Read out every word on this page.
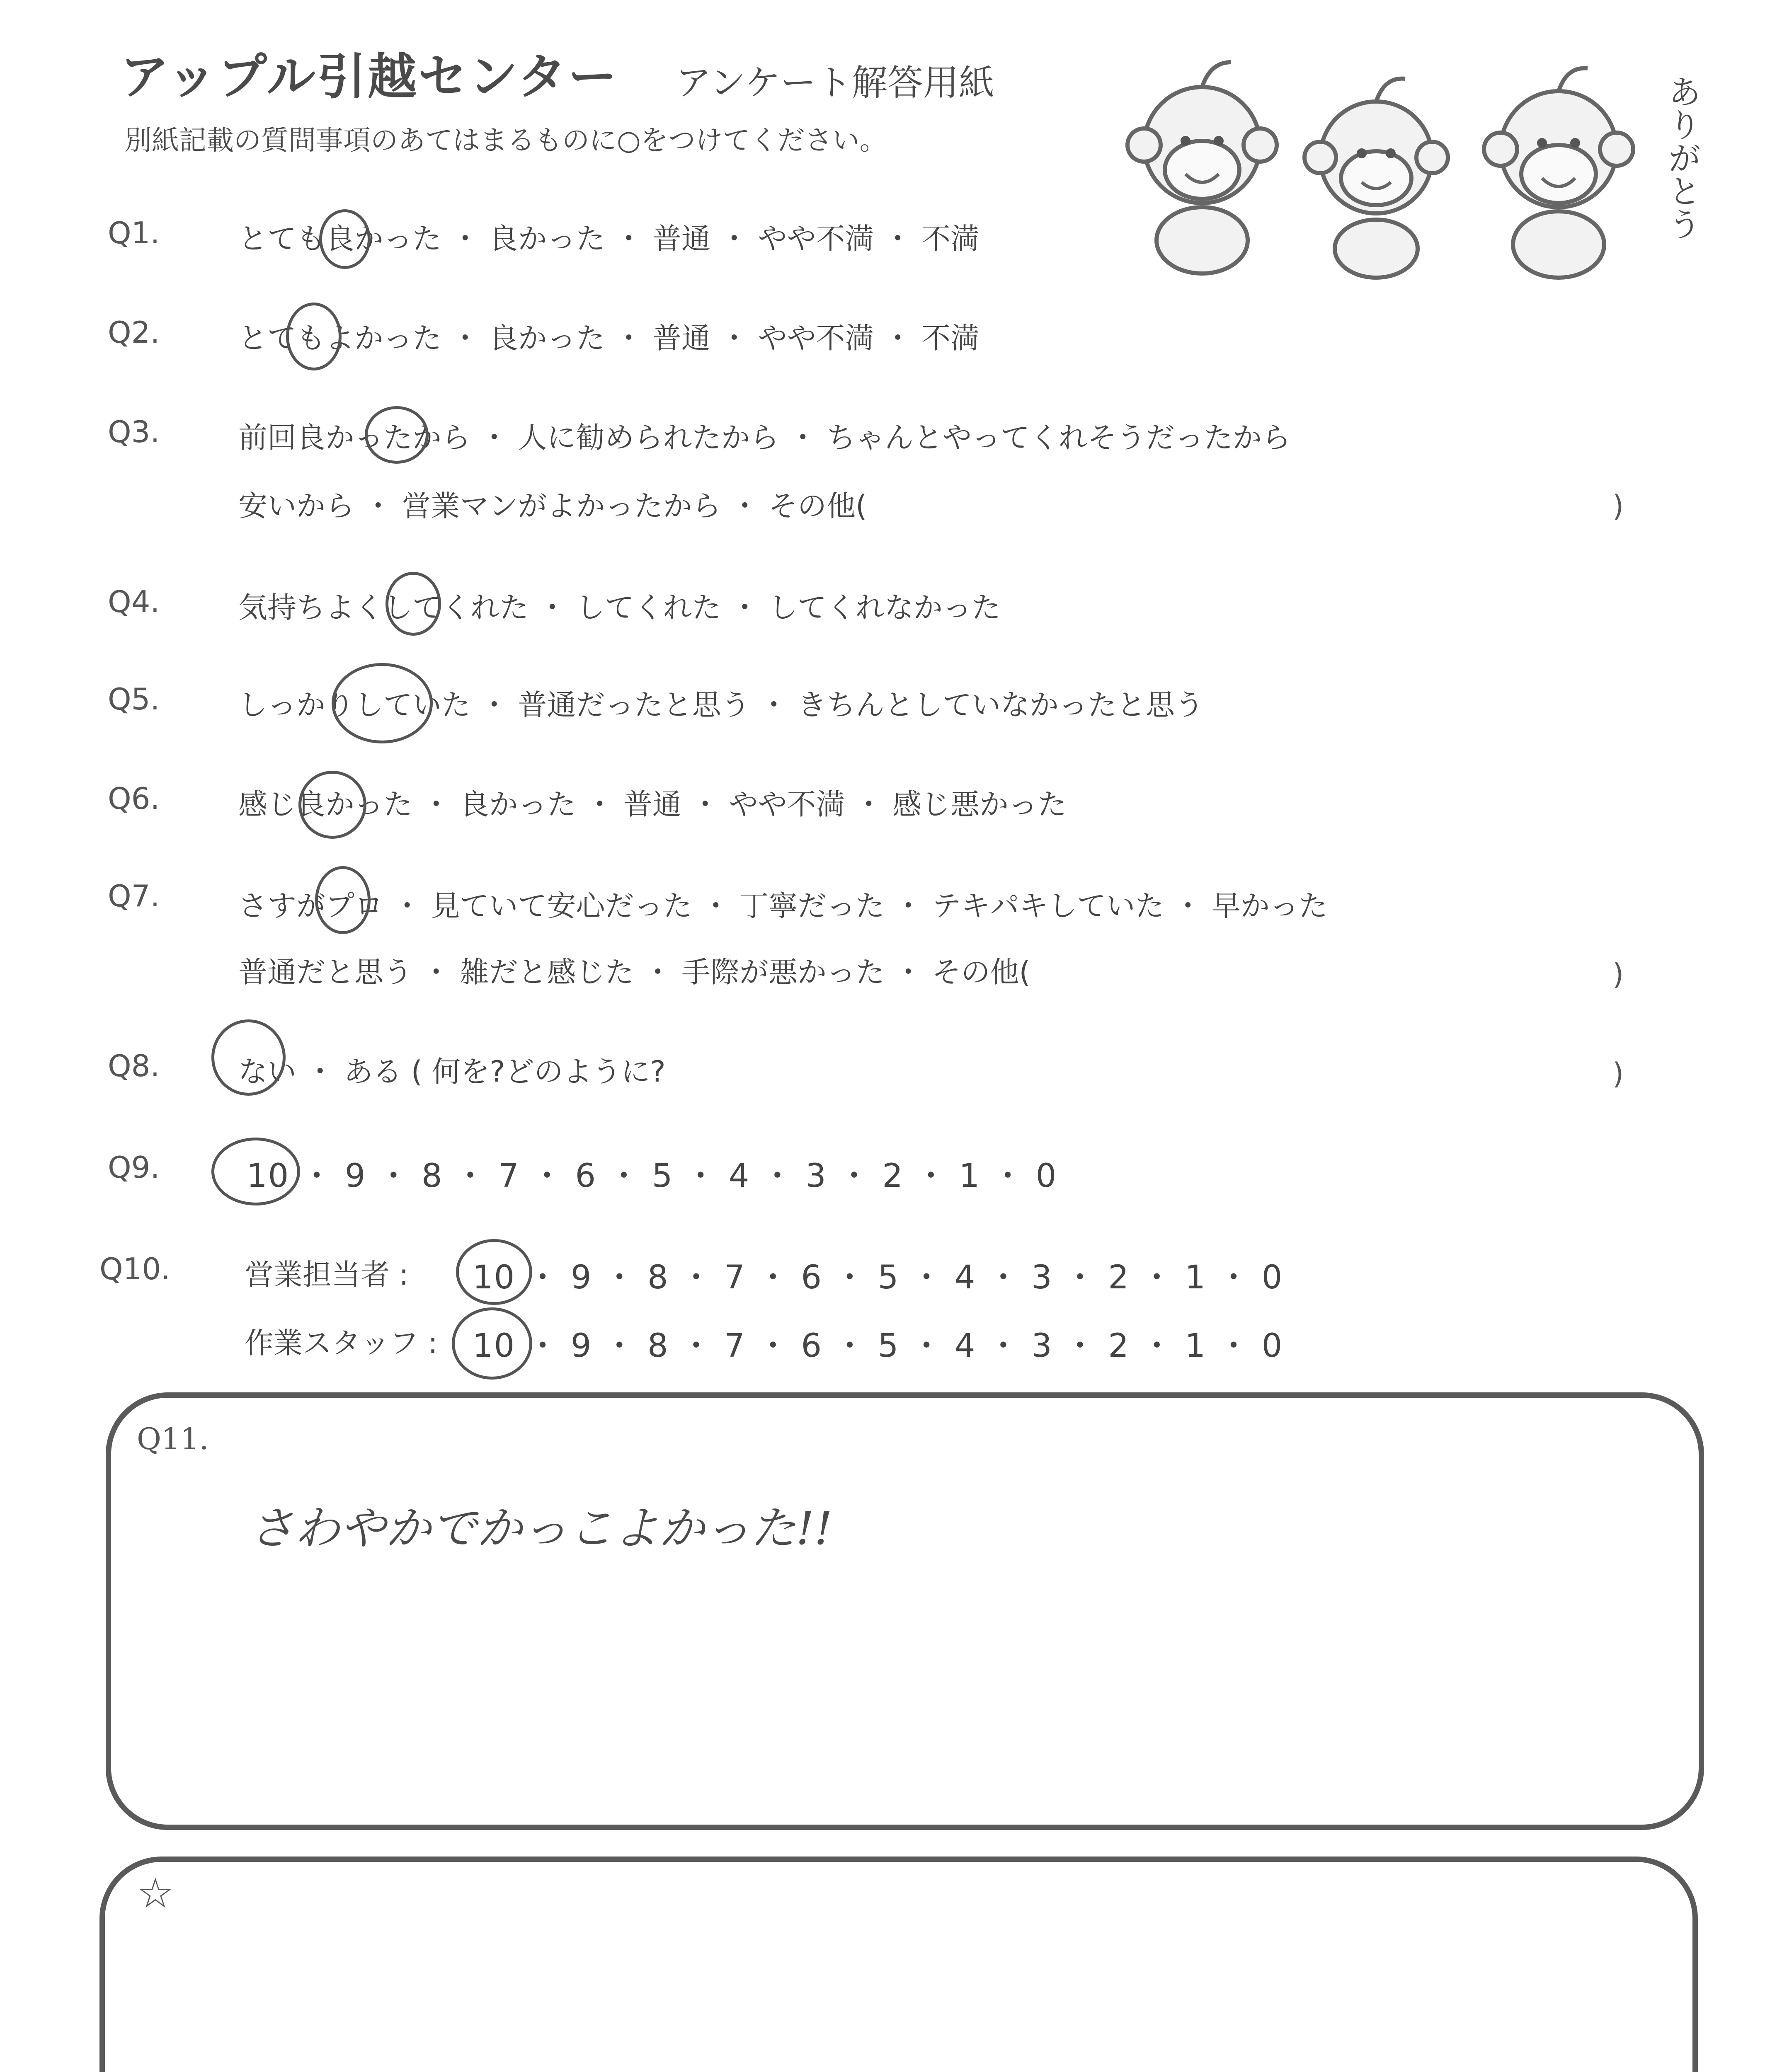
アップル引越センター アンケート解答用紙
別紙記載の質問事項のあてはまるものに○をつけてください。	ありがとう
Q1.	とても良かった ・ 良かった ・ 普通 ・ やや不満 ・ 不満
Q2.	とてもよかった ・ 良かった ・ 普通 ・ やや不満 ・ 不満
Q3.	前回良かったから ・ 人に勧められたから ・ ちゃんとやってくれそうだったから
安いから ・ 営業マンがよかったから ・ その他(	)
Q4.	気持ちよくしてくれた ・ してくれた ・ してくれなかった
Q5.	しっかりしていた ・ 普通だったと思う ・ きちんとしていなかったと思う
Q6.	感じ良かった ・ 良かった ・ 普通 ・ やや不満 ・ 感じ悪かった
Q7.	さすがプロ ・ 見ていて安心だった ・ 丁寧だった ・ テキパキしていた ・ 早かった
普通だと思う ・ 雑だと感じた ・ 手際が悪かった ・ その他(	)
Q8.	ない ・ ある ( 何を?どのように?	)
Q9.	10 ・ 9 ・ 8 ・ 7 ・ 6 ・ 5 ・ 4 ・ 3 ・ 2 ・ 1 ・ 0
Q10.	営業担当者 : 10 ・ 9 ・ 8 ・ 7 ・ 6 ・ 5 ・ 4 ・ 3 ・ 2 ・ 1 ・ 0
作業スタッフ : 10 ・ 9 ・ 8 ・ 7 ・ 6 ・ 5 ・ 4 ・ 3 ・ 2 ・ 1 ・ 0
Q11.
さわやかでかっこよかった!!
☆
